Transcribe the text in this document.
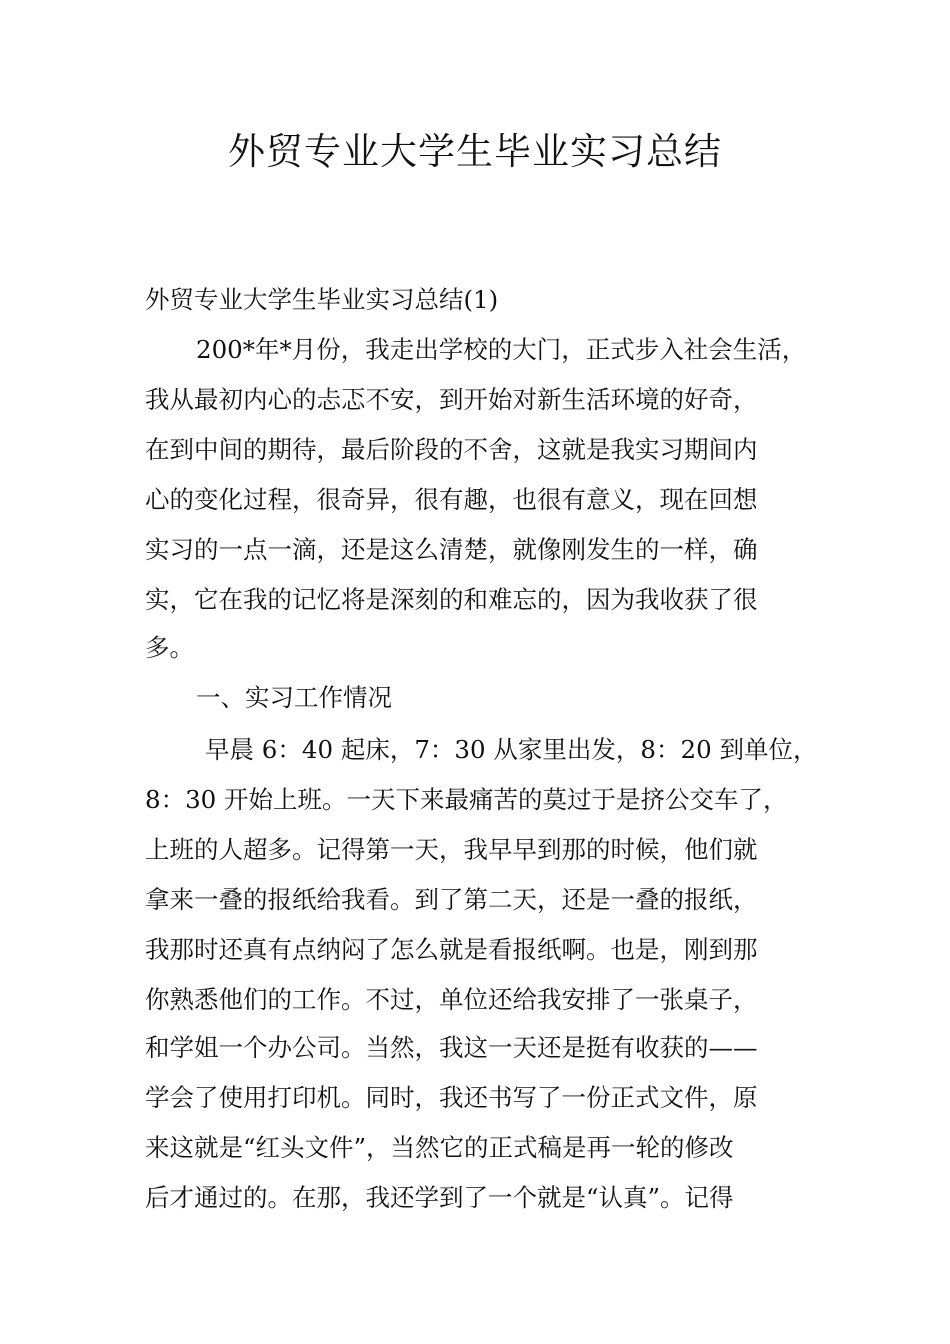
外贸专业大学生毕业实习总结

外贸专业大学生毕业实习总结(1)

200*年*月份，我走出学校的大门，正式步入社会生活，

我从最初内心的忐忑不安，到开始对新生活环境的好奇，

在到中间的期待，最后阶段的不舍，这就是我实习期间内

心的变化过程，很奇异，很有趣，也很有意义，现在回想

实习的一点一滴，还是这么清楚，就像刚发生的一样，确

实，它在我的记忆将是深刻的和难忘的，因为我收获了很

多。

一、实习工作情况

早晨 6：40 起床，7：30 从家里出发，8：20 到单位，

8：30 开始上班。一天下来最痛苦的莫过于是挤公交车了，

上班的人超多。记得第一天，我早早到那的时候，他们就

拿来一叠的报纸给我看。到了第二天，还是一叠的报纸，

我那时还真有点纳闷了怎么就是看报纸啊。也是，刚到那

你熟悉他们的工作。不过，单位还给我安排了一张桌子，

和学姐一个办公司。当然，我这一天还是挺有收获的——

学会了使用打印机。同时，我还书写了一份正式文件，原

来这就是“红头文件”，当然它的正式稿是再一轮的修改

后才通过的。在那，我还学到了一个就是“认真”。记得
